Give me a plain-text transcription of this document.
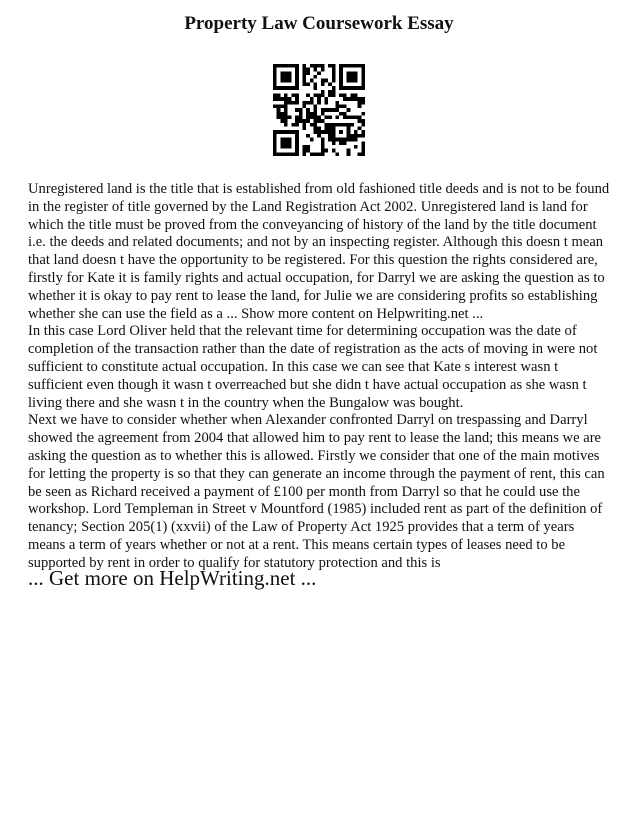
Property Law Coursework Essay

Unregistered land is the title that is established from old fashioned title deeds and is not to be found in the register of title governed by the Land Registration Act 2002. Unregistered land is land for which the title must be proved from the conveyancing of history of the land by the title document i.e. the deeds and related documents; and not by an inspecting register. Although this doesn t mean that land doesn t have the opportunity to be registered. For this question the rights considered are, firstly for Kate it is family rights and actual occupation, for Darryl we are asking the question as to whether it is okay to pay rent to lease the land, for Julie we are considering profits so establishing whether she can use the field as a ... Show more content on Helpwriting.net ...

In this case Lord Oliver held that the relevant time for determining occupation was the date of completion of the transaction rather than the date of registration as the acts of moving in were not sufficient to constitute actual occupation. In this case we can see that Kate s interest wasn t sufficient even though it wasn t overreached but she didn t have actual occupation as she wasn t living there and she wasn t in the country when the Bungalow was bought.

Next we have to consider whether when Alexander confronted Darryl on trespassing and Darryl showed the agreement from 2004 that allowed him to pay rent to lease the land; this means we are asking the question as to whether this is allowed. Firstly we consider that one of the main motives for letting the property is so that they can generate an income through the payment of rent, this can be seen as Richard received a payment of £100 per month from Darryl so that he could use the workshop. Lord Templeman in Street v Mountford (1985) included rent as part of the definition of tenancy; Section 205(1) (xxvii) of the Law of Property Act 1925 provides that a term of years means a term of years whether or not at a rent. This means certain types of leases need to be supported by rent in order to qualify for statutory protection and this is

... Get more on HelpWriting.net ...
